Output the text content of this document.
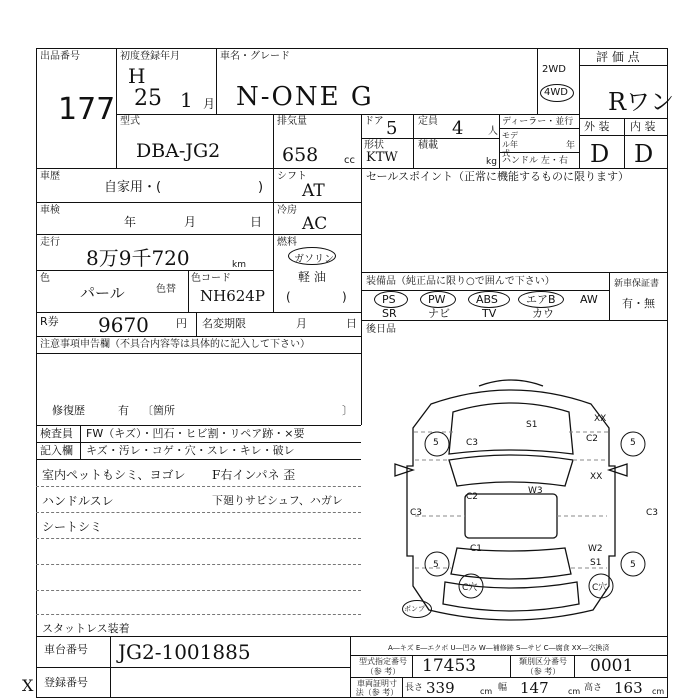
出品番号
177
初度登録年月
H
25 1 月
車名・グレード
N-ONE G
2WD
4WD
評 価 点
Rワン
型式
DBA-JG2
排気量
658	cc
ドア 5 定員 4 人
形状
KTW
積載
kg
ディーラー・並行
モデル年式
年
ハンドル 左・右
外 装 内 装
D D
車歴
自家用・(	)
シフト
AT
車検
年	月	日
冷房
AC
走行
8万9千720	km
燃料
ガソリン
軽 油
(	)
色
パール	色替
色コード
NH624P
R券 9670 円 名変期限	月	日
セールスポイント（正常に機能するものに限ります）
装備品（純正品に限り○で囲んで下さい）	新車保証書
有・無
PS	PW	ABS	エアB AW
SR	ナビ	TV	カウ
後日品
注意事項申告欄（不具合内容等は具体的に記入して下さい）
修復歴	有 〔箇所	〕
検査員 FW（キズ）・凹石・ヒビ割・リペア跡・×要
記入欄 キズ・汚レ・コゲ・穴・スレ・キレ・破レ
室内ペットもシミ、ヨゴレ
ハンドルスレ
シートシミ
F右インパネ 歪
下廻りサビシュフ、ハガレ
スタットレス装着
車台番号 JG2-1001885
登録番号
A―キズ E―エクボ U―凹み W―補修跡 S―サビ C―腐食 XX―交換済
型式指定番号（参 考）	17453	類別区分番号（参 考）	0001
車両証明寸法（参 考） 長さ 339	cm 幅 147 cm 高さ 163 cm
X
S1
XX
C2
C3
XX
C2
W3
C3	C3
C1	W2
S1
C穴	C穴
5	5
5	5
ポンプ
